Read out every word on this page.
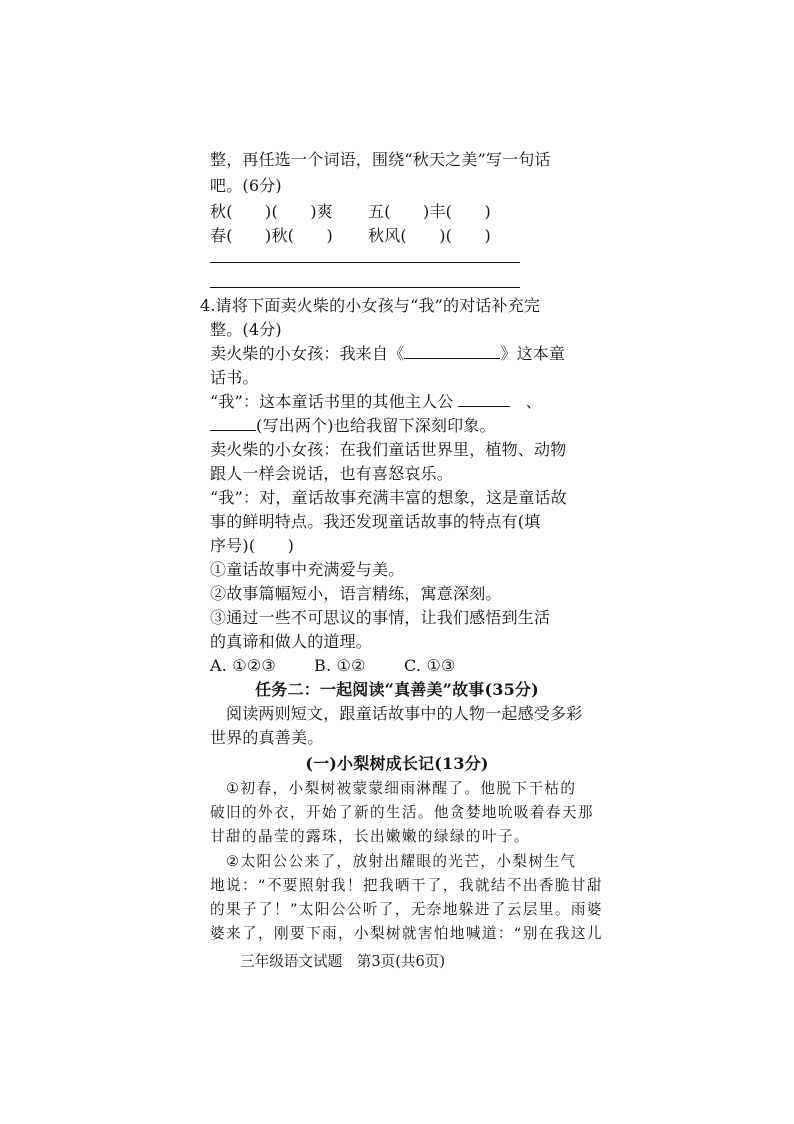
整，再任选一个词语，围绕“秋天之美”写一句话
吧。(6分)
秋(　　)(　　)爽 五(　　)丰(　　)
春(　　)秋(　　) 秋风(　　)(　　)
4.请将下面卖火柴的小女孩与“我”的对话补充完
整。(4分)
卖火柴的小女孩：我来自《	》这本童
话书。
“我”：这本童话书里的其他主人公	、
(写出两个)也给我留下深刻印象。
卖火柴的小女孩：在我们童话世界里，植物、动物
跟人一样会说话，也有喜怒哀乐。
“我”：对，童话故事充满丰富的想象，这是童话故
事的鲜明特点。我还发现童话故事的特点有(填
序号)(　　)
①童话故事中充满爱与美。
②故事篇幅短小，语言精练，寓意深刻。
③通过一些不可思议的事情，让我们感悟到生活
的真谛和做人的道理。
A. ①②③ B. ①② C. ①③
任务二：一起阅读“真善美”故事(35分)
阅读两则短文，跟童话故事中的人物一起感受多彩
世界的真善美。
(一)小梨树成长记(13分)
①初春，小梨树被蒙蒙细雨淋醒了。他脱下干枯的
破旧的外衣，开始了新的生活。他贪婪地吮吸着春天那
甘甜的晶莹的露珠，长出嫩嫩的绿绿的叶子。
②太阳公公来了，放射出耀眼的光芒，小梨树生气
地说：“不要照射我！把我晒干了，我就结不出香脆甘甜
的果子了！”太阳公公听了，无奈地躲进了云层里。雨婆
婆来了，刚要下雨，小梨树就害怕地喊道：“别在我这儿
三年级语文试题　第3页(共6页)
